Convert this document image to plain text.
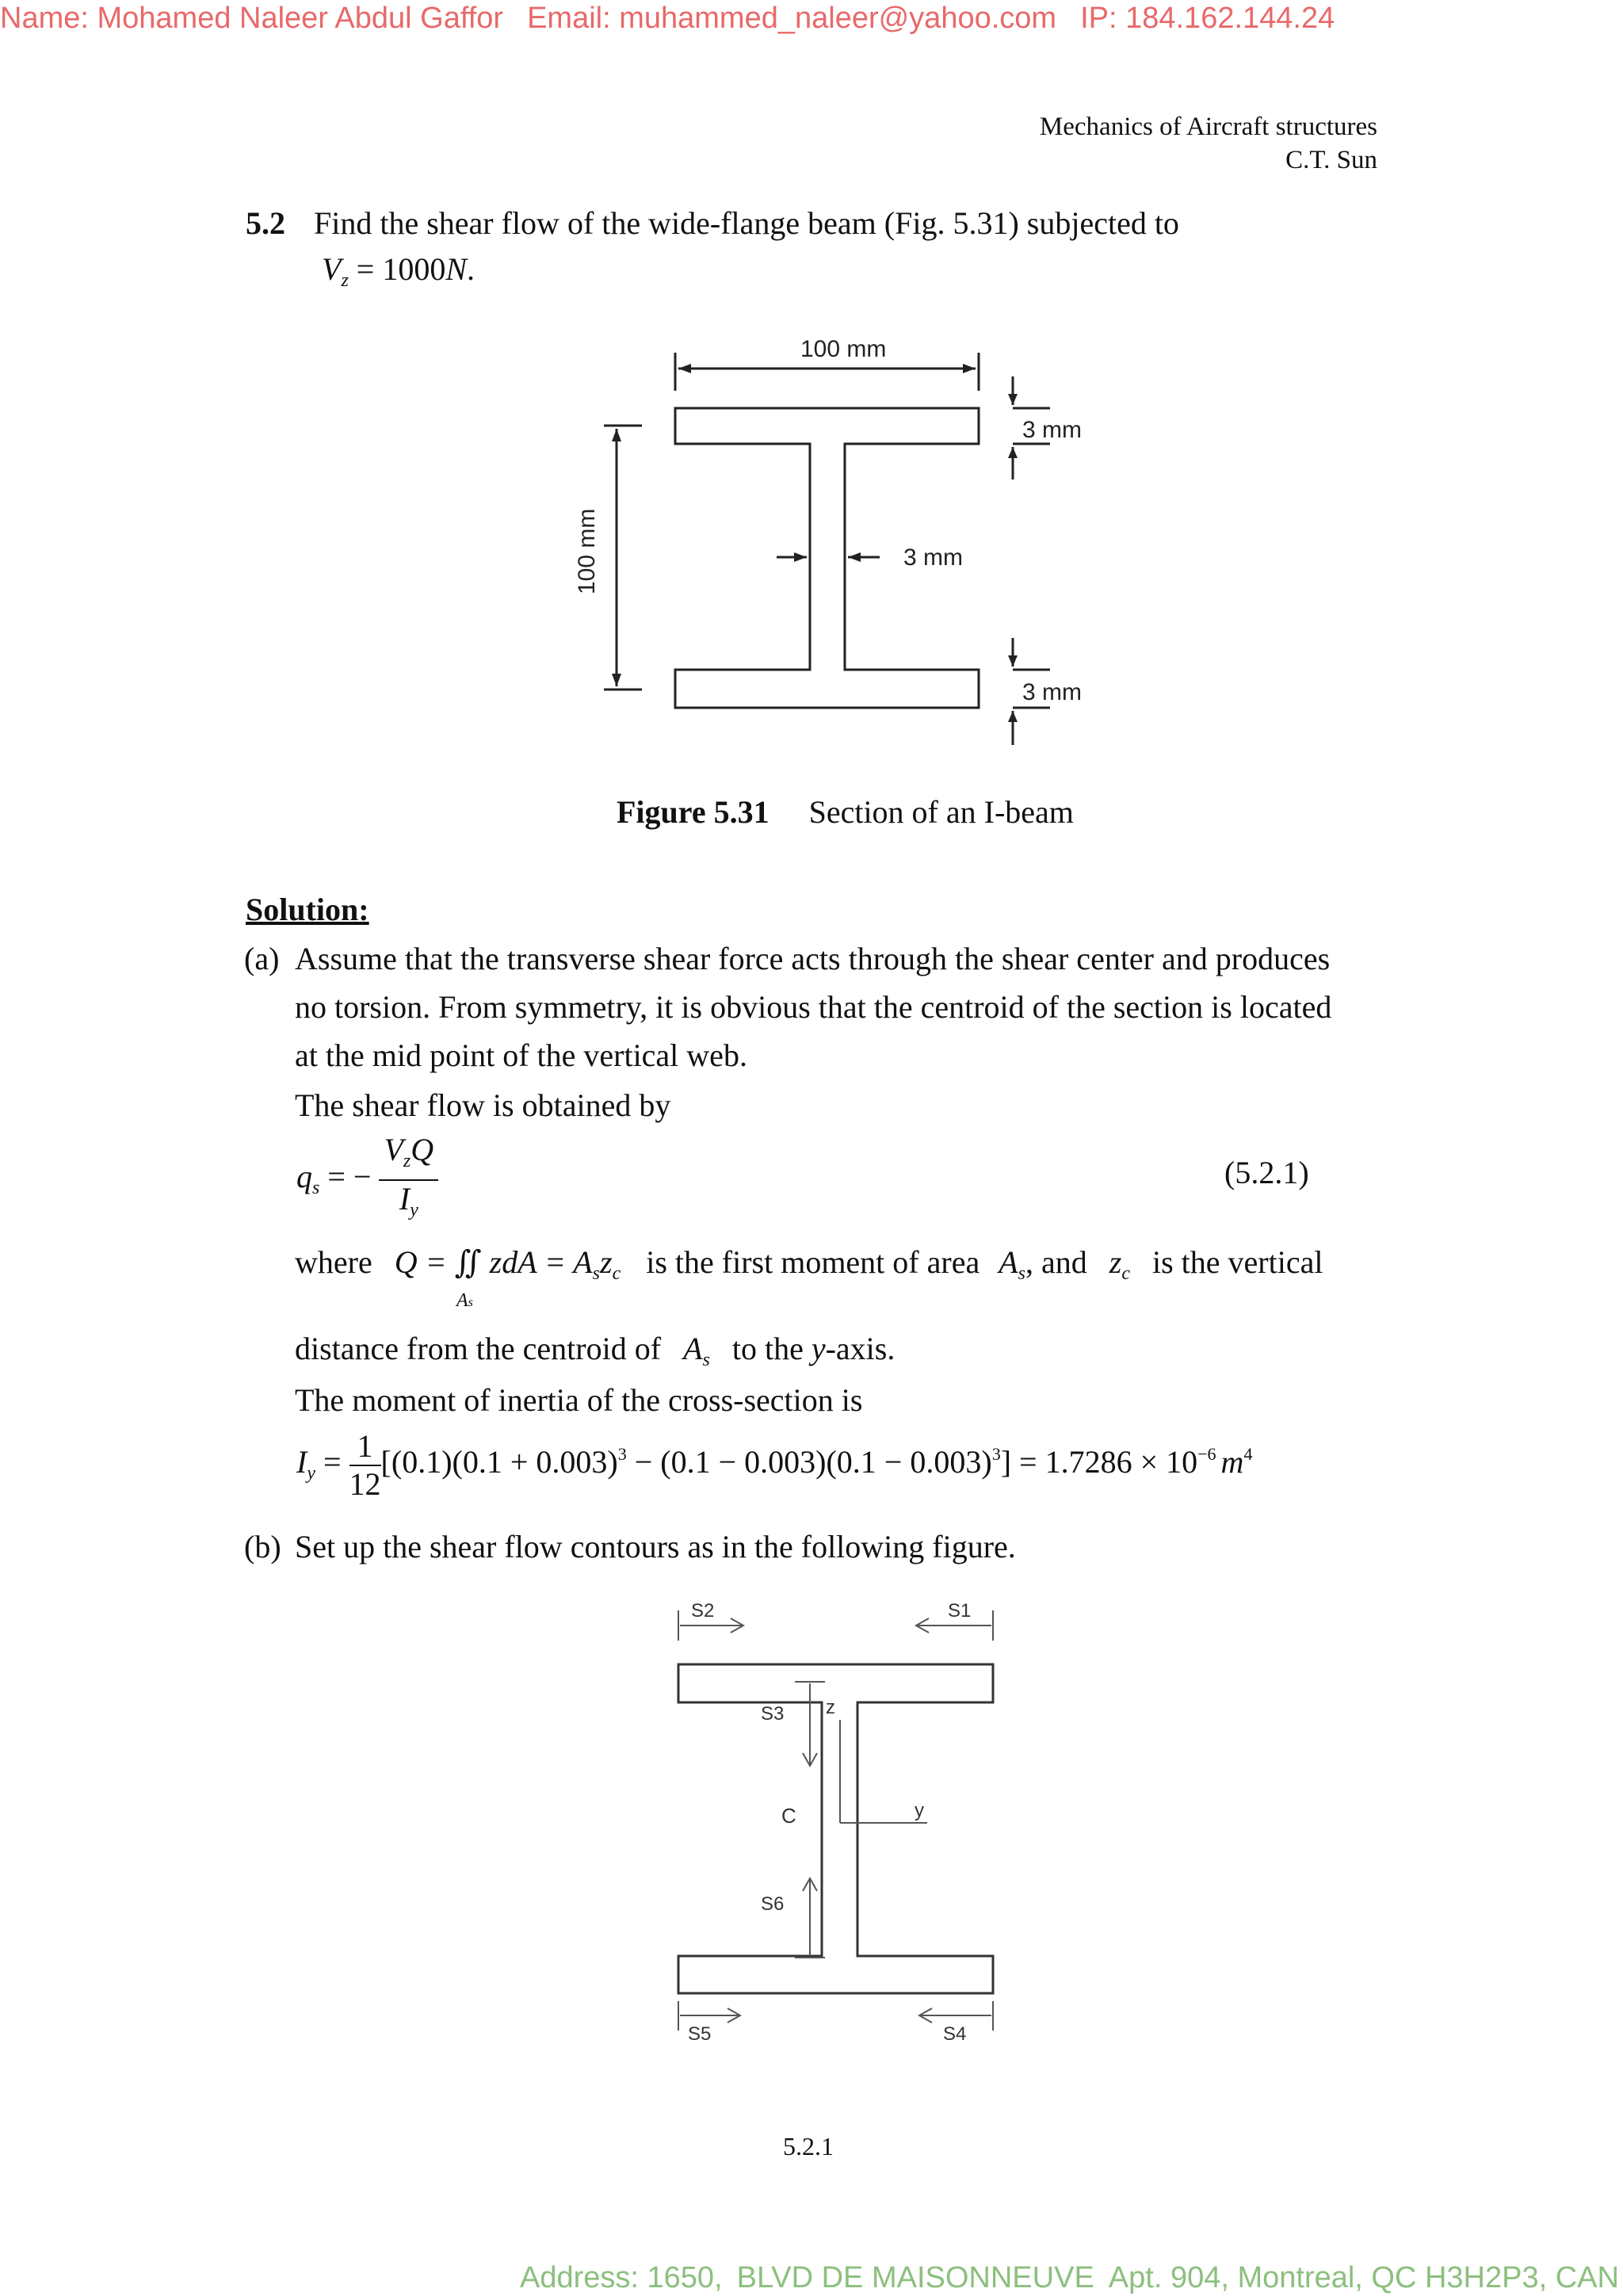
Name: Mohamed Naleer Abdul Gaffor Email: muhammed_naleer@yahoo.com IP: 184.162.144.24
Mechanics of Aircraft structures
C.T. Sun
5.2 Find the shear flow of the wide-flange beam (Fig. 5.31) subjected to
$V_z = 1000N$.
100 mm
100 mm
3 mm
3 mm
3 mm
Figure 5.31 Section of an I-beam
Solution:
(a) Assume that the transverse shear force acts through the shear center and produces
no torsion. From symmetry, it is obvious that the centroid of the section is located
at the mid point of the vertical web.
The shear flow is obtained by
$q_s$ = − $\frac{V_zQ}{I_y}$	(5.2.1)
where Q = ∬ zdA = $A_sz_c$ is the first moment of area $A_s$, and $z_c$ is the vertical
As
distance from the centroid of $A_s$ to the y-axis.
The moment of inertia of the cross-section is
$I_y = \frac{1}{12} [(0.1)(0.1 + 0.003)^3 - (0.1 - 0.003)(0.1 - 0.003)^3] = 1.7286 \times 10^{-6}$ $m^4$
(b) Set up the shear flow contours as in the following figure.
S2	S1
S3
S6
S5	S4
z
y
C
5.2.1
Address: 1650, BLVD DE MAISONNEUVE Apt. 904, Montreal, QC H3H2P3, CAN
